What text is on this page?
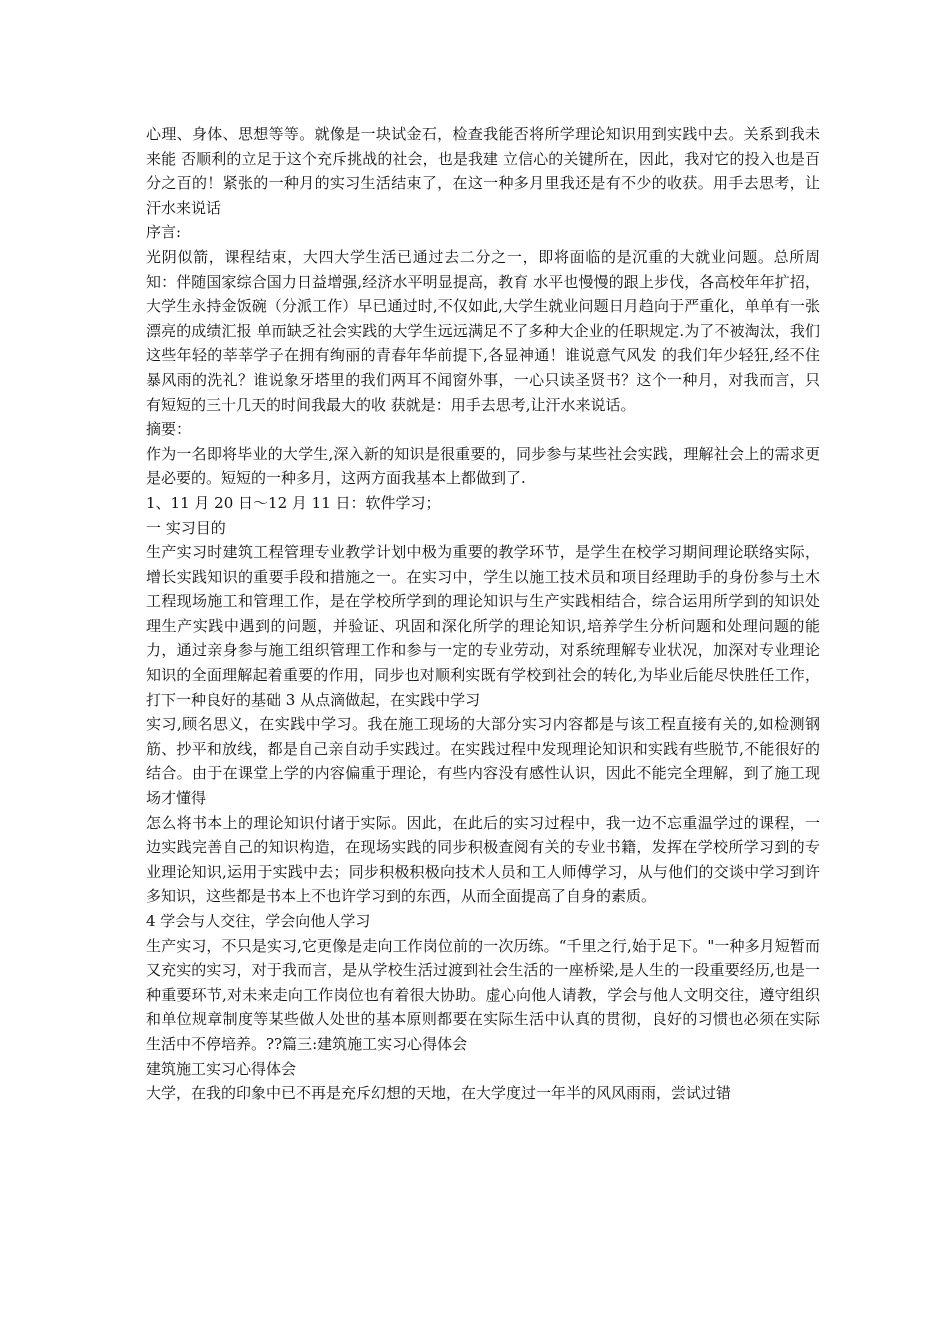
心理、身体、思想等等。就像是一块试金石，检查我能否将所学理论知识用到实践中去。关系到我未来能 否顺利的立足于这个充斥挑战的社会，也是我建 立信心的关键所在，因此，我对它的投入也是百分之百的！紧张的一种月的实习生活结束了，在这一种多月里我还是有不少的收获。用手去思考，让汗水来说话

序言:

光阴似箭，课程结束，大四大学生活已通过去二分之一，即将面临的是沉重的大就业问题。总所周知：伴随国家综合国力日益增强,经济水平明显提高，教育 水平也慢慢的跟上步伐，各高校年年扩招，大学生永持金饭碗（分派工作）早已通过时,不仅如此,大学生就业问题日月趋向于严重化，单单有一张漂亮的成绩汇报 单而缺乏社会实践的大学生远远满足不了多种大企业的任职规定.为了不被淘汰，我们这些年轻的莘莘学子在拥有绚丽的青春年华前提下,各显神通！谁说意气风发 的我们年少轻狂,经不住暴风雨的洗礼？谁说象牙塔里的我们两耳不闻窗外事，一心只读圣贤书？这个一种月，对我而言，只有短短的三十几天的时间我最大的收 获就是：用手去思考,让汗水来说话。

摘要：

作为一名即将毕业的大学生,深入新的知识是很重要的，同步参与某些社会实践，理解社会上的需求更是必要的。短短的一种多月，这两方面我基本上都做到了.

1、11 月 20 日～12 月 11 日：软件学习；

一 实习目的

生产实习时建筑工程管理专业教学计划中极为重要的教学环节，是学生在校学习期间理论联络实际，增长实践知识的重要手段和措施之一。在实习中，学生以施工技术员和项目经理助手的身份参与土木工程现场施工和管理工作，是在学校所学到的理论知识与生产实践相结合，综合运用所学到的知识处理生产实践中遇到的问题，并验证、巩固和深化所学的理论知识,培养学生分析问题和处理问题的能力，通过亲身参与施工组织管理工作和参与一定的专业劳动，对系统理解专业状况，加深对专业理论知识的全面理解起着重要的作用，同步也对顺利实既有学校到社会的转化,为毕业后能尽快胜任工作，打下一种良好的基础 3 从点滴做起，在实践中学习

实习,顾名思义，在实践中学习。我在施工现场的大部分实习内容都是与该工程直接有关的,如检测钢筋、抄平和放线，都是自己亲自动手实践过。在实践过程中发现理论知识和实践有些脱节,不能很好的结合。由于在课堂上学的内容偏重于理论，有些内容没有感性认识，因此不能完全理解，到了施工现场才懂得

怎么将书本上的理论知识付诸于实际。因此，在此后的实习过程中，我一边不忘重温学过的课程，一边实践完善自己的知识构造，在现场实践的同步积极查阅有关的专业书籍，发挥在学校所学习到的专业理论知识,运用于实践中去；同步积极积极向技术人员和工人师傅学习，从与他们的交谈中学习到许多知识，这些都是书本上不也许学习到的东西，从而全面提高了自身的素质。

4 学会与人交往，学会向他人学习

生产实习，不只是实习,它更像是走向工作岗位前的一次历练。“千里之行,始于足下。"一种多月短暂而又充实的实习，对于我而言，是从学校生活过渡到社会生活的一座桥梁,是人生的一段重要经历,也是一种重要环节,对未来走向工作岗位也有着很大协助。虚心向他人请教，学会与他人文明交往，遵守组织和单位规章制度等某些做人处世的基本原则都要在实际生活中认真的贯彻，良好的习惯也必须在实际生活中不停培养。??篇三:建筑施工实习心得体会

建筑施工实习心得体会

大学，在我的印象中已不再是充斥幻想的天地，在大学度过一年半的风风雨雨，尝试过错
